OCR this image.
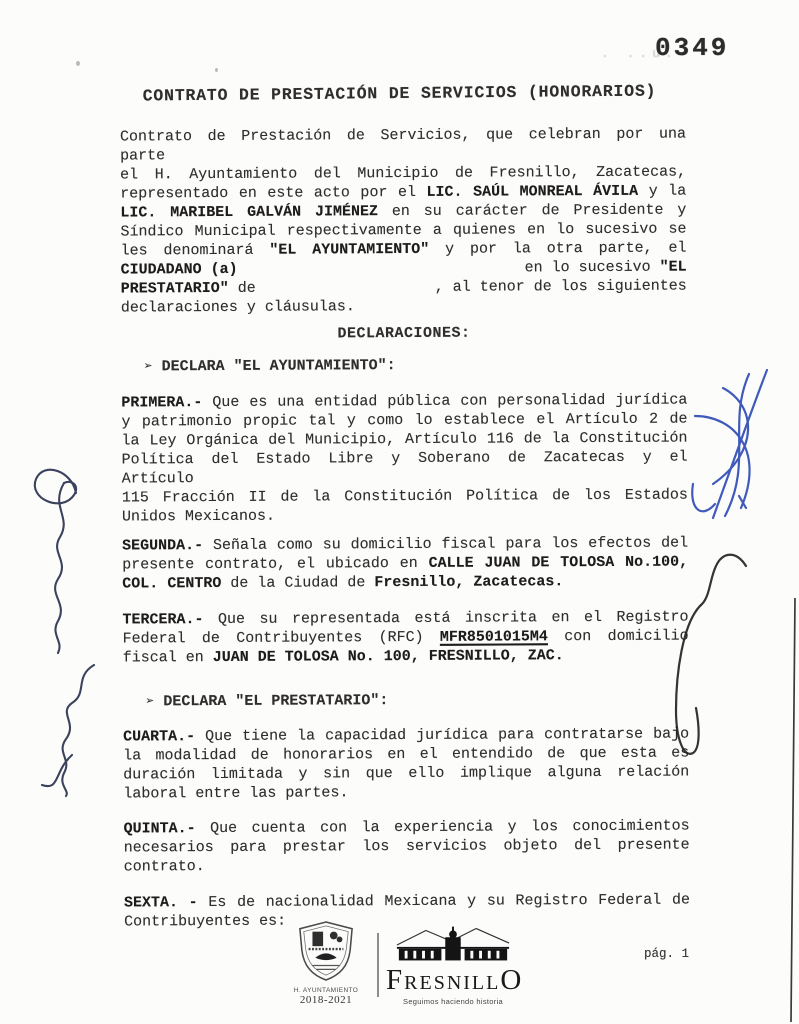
. ..u.
0349
CONTRATO DE PRESTACIÓN DE SERVICIOS (HONORARIOS)
Contrato de Prestación de Servicios, que celebran por una parte
el H. Ayuntamiento del Municipio de Fresnillo, Zacatecas,
representado en este acto por el LIC. SAÚL MONREAL ÁVILA y la
LIC. MARIBEL GALVÁN JIMÉNEZ en su carácter de Presidente y
Síndico Municipal respectivamente a quienes en lo sucesivo se
les denominará "EL AYUNTAMIENTO" y por la otra parte, el
CIUDADANO (a)	en lo sucesivo "EL
PRESTATARIO" de	, al tenor de los siguientes
declaraciones y cláusulas.
DECLARACIONES:
➢ DECLARA "EL AYUNTAMIENTO":
PRIMERA.- Que es una entidad pública con personalidad jurídica
y patrimonio propic tal y como lo establece el Artículo 2 de
la Ley Orgánica del Municipio, Artículo 116 de la Constitución
Política del Estado Libre y Soberano de Zacatecas y el Artículo
115 Fracción II de la Constitución Política de los Estados
Unidos Mexicanos.
SEGUNDA.- Señala como su domicilio fiscal para los efectos del
presente contrato, el ubicado en CALLE JUAN DE TOLOSA No.100,
COL. CENTRO de la Ciudad de Fresnillo, Zacatecas.
TERCERA.- Que su representada está inscrita en el Registro
Federal de Contribuyentes (RFC) MFR8501015M4 con domicilio
fiscal en JUAN DE TOLOSA No. 100, FRESNILLO, ZAC.
➢ DECLARA "EL PRESTATARIO":
CUARTA.- Que tiene la capacidad jurídica para contratarse bajo
la modalidad de honorarios en el entendido de que esta es
duración limitada y sin que ello implique alguna relación
laboral entre las partes.
QUINTA.- Que cuenta con la experiencia y los conocimientos
necesarios para prestar los servicios objeto del presente
contrato.
SEXTA. - Es de nacionalidad Mexicana y su Registro Federal de
Contribuyentes es:
H. AYUNTAMIENTO
2018-2021
FRESNILLO
Seguimos haciendo historia
pág. 1
